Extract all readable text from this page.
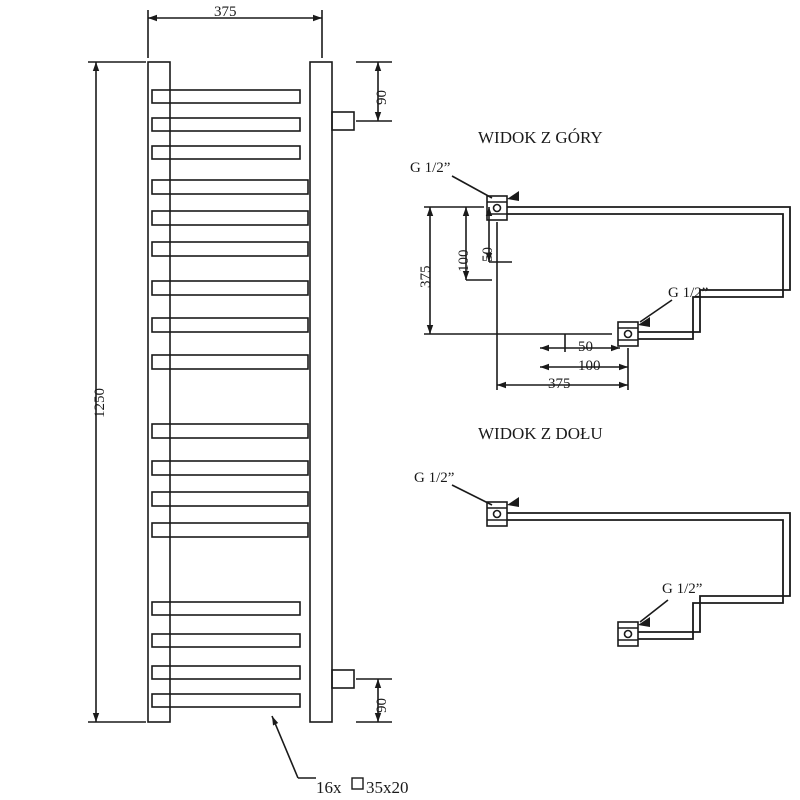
375
1250
90
90
16x 35x20
WIDOK Z GÓRY
G 1/2”
G 1/2”
375
100 50
50
100
375
WIDOK Z DOŁU
G 1/2”
G 1/2”
